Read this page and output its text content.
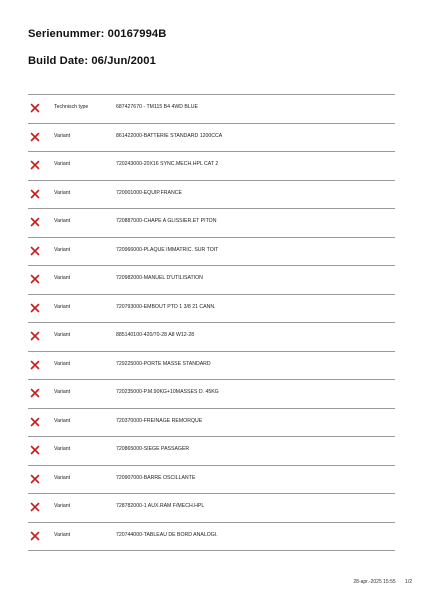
Serienummer: 00167994B
Build Date: 06/Jun/2001
Technisch type	687427670 - TM115 B4 4WD BLUE
Variant	861422000-BATTERIE STANDARD 1200CCA
Variant	720243000-20X16 SYNC.MECH.HPL CAT 2
Variant	720001000-EQUIP.FRANCE
Variant	720887000-CHAPE A GLISSIER.ET PITON
Variant	720966000-PLAQUE IMMATRIC. SUR TOIT
Variant	720982000-MANUEL D'UTILISATION
Variant	720793000-EMBOUT PTO 1 3/8 21 CANN.
Variant	885140100-420/70-28 A8 W12-28
Variant	729225000-PORTE MASSE STANDARD
Variant	720235000-P.M.90KG+10MASSES D. 45KG
Variant	720370000-FREINAGE REMORQUE
Variant	720865000-SIEGE PASSAGER
Variant	720907000-BARRE OSCILLANTE
Variant	728782000-1 AUX.RAM F/MECH.HPL
Variant	720744000-TABLEAU DE BORD ANALOGI.
28-apr.-2025 15:55 1/2
